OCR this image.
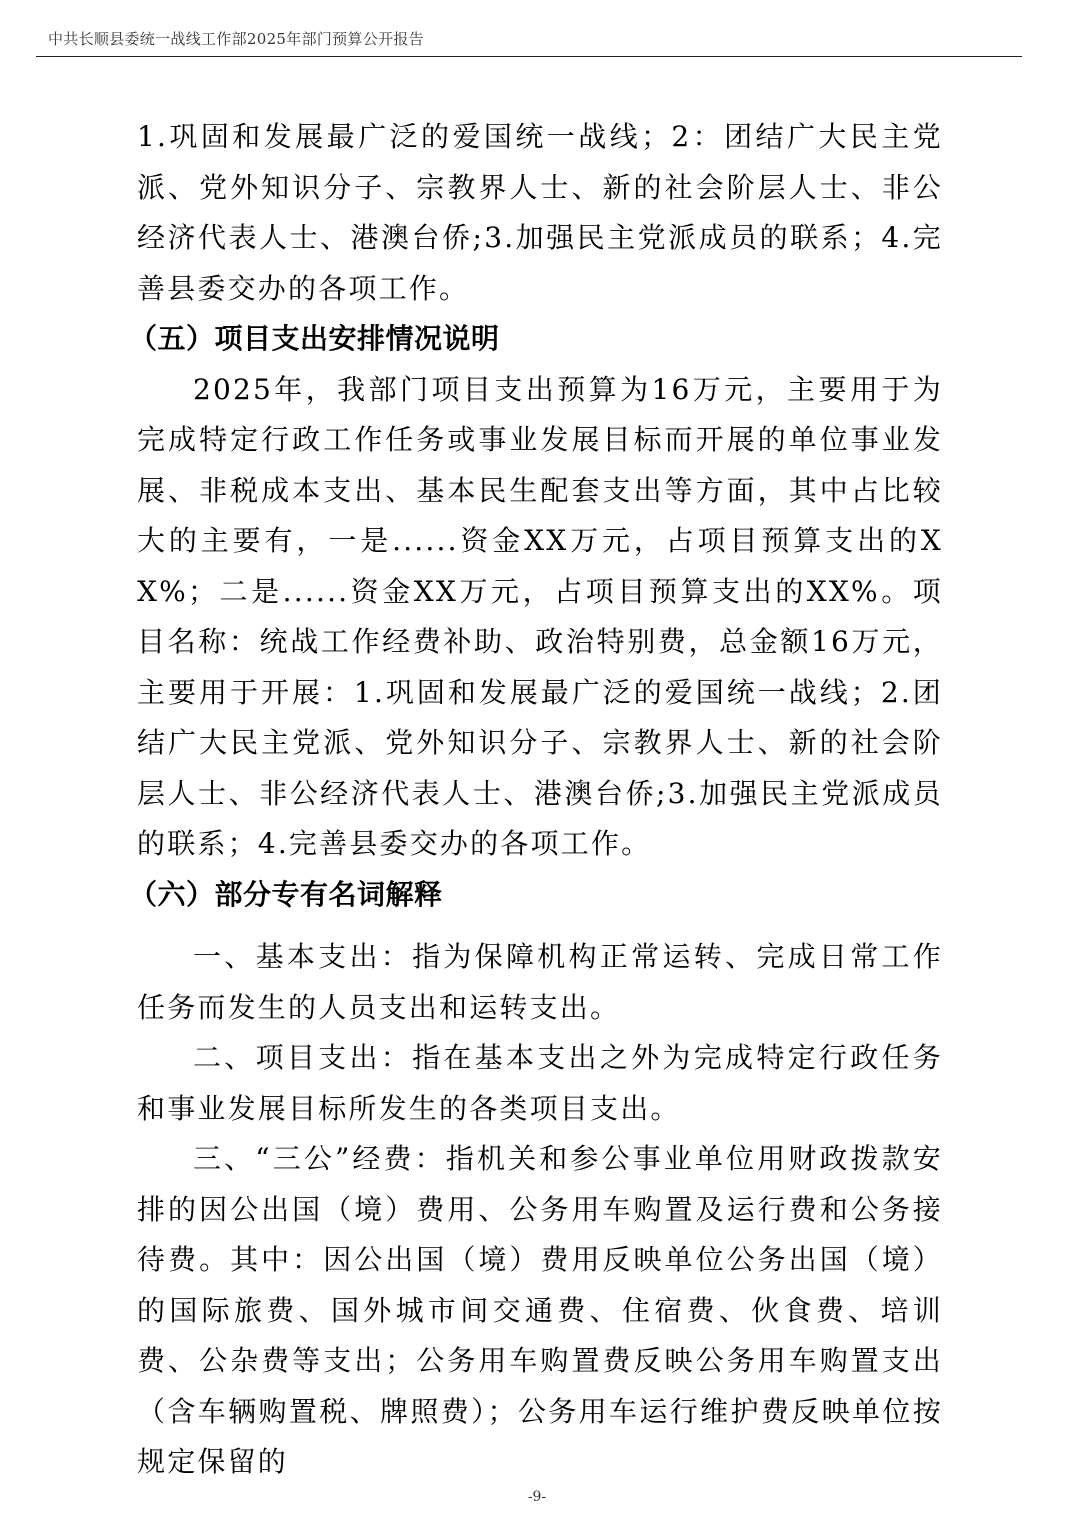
中共长顺县委统一战线工作部2025年部门预算公开报告

1.巩固和发展最广泛的爱国统一战线；2：团结广大民主党派、党外知识分子、宗教界人士、新的社会阶层人士、非公经济代表人士、港澳台侨;3.加强民主党派成员的联系；4.完善县委交办的各项工作。

（五）项目支出安排情况说明

2025年，我部门项目支出预算为16万元，主要用于为完成特定行政工作任务或事业发展目标而开展的单位事业发展、非税成本支出、基本民生配套支出等方面，其中占比较大的主要有，一是......资金XX万元，占项目预算支出的XX%；二是......资金XX万元，占项目预算支出的XX%。项目名称：统战工作经费补助、政治特别费，总金额16万元，主要用于开展：1.巩固和发展最广泛的爱国统一战线；2.团结广大民主党派、党外知识分子、宗教界人士、新的社会阶层人士、非公经济代表人士、港澳台侨;3.加强民主党派成员的联系；4.完善县委交办的各项工作。

（六）部分专有名词解释

一、基本支出：指为保障机构正常运转、完成日常工作任务而发生的人员支出和运转支出。

二、项目支出：指在基本支出之外为完成特定行政任务和事业发展目标所发生的各类项目支出。

三、“三公”经费：指机关和参公事业单位用财政拨款安排的因公出国（境）费用、公务用车购置及运行费和公务接待费。其中：因公出国（境）费用反映单位公务出国（境）的国际旅费、国外城市间交通费、住宿费、伙食费、培训费、公杂费等支出；公务用车购置费反映公务用车购置支出（含车辆购置税、牌照费）；公务用车运行维护费反映单位按规定保留的

-9-
